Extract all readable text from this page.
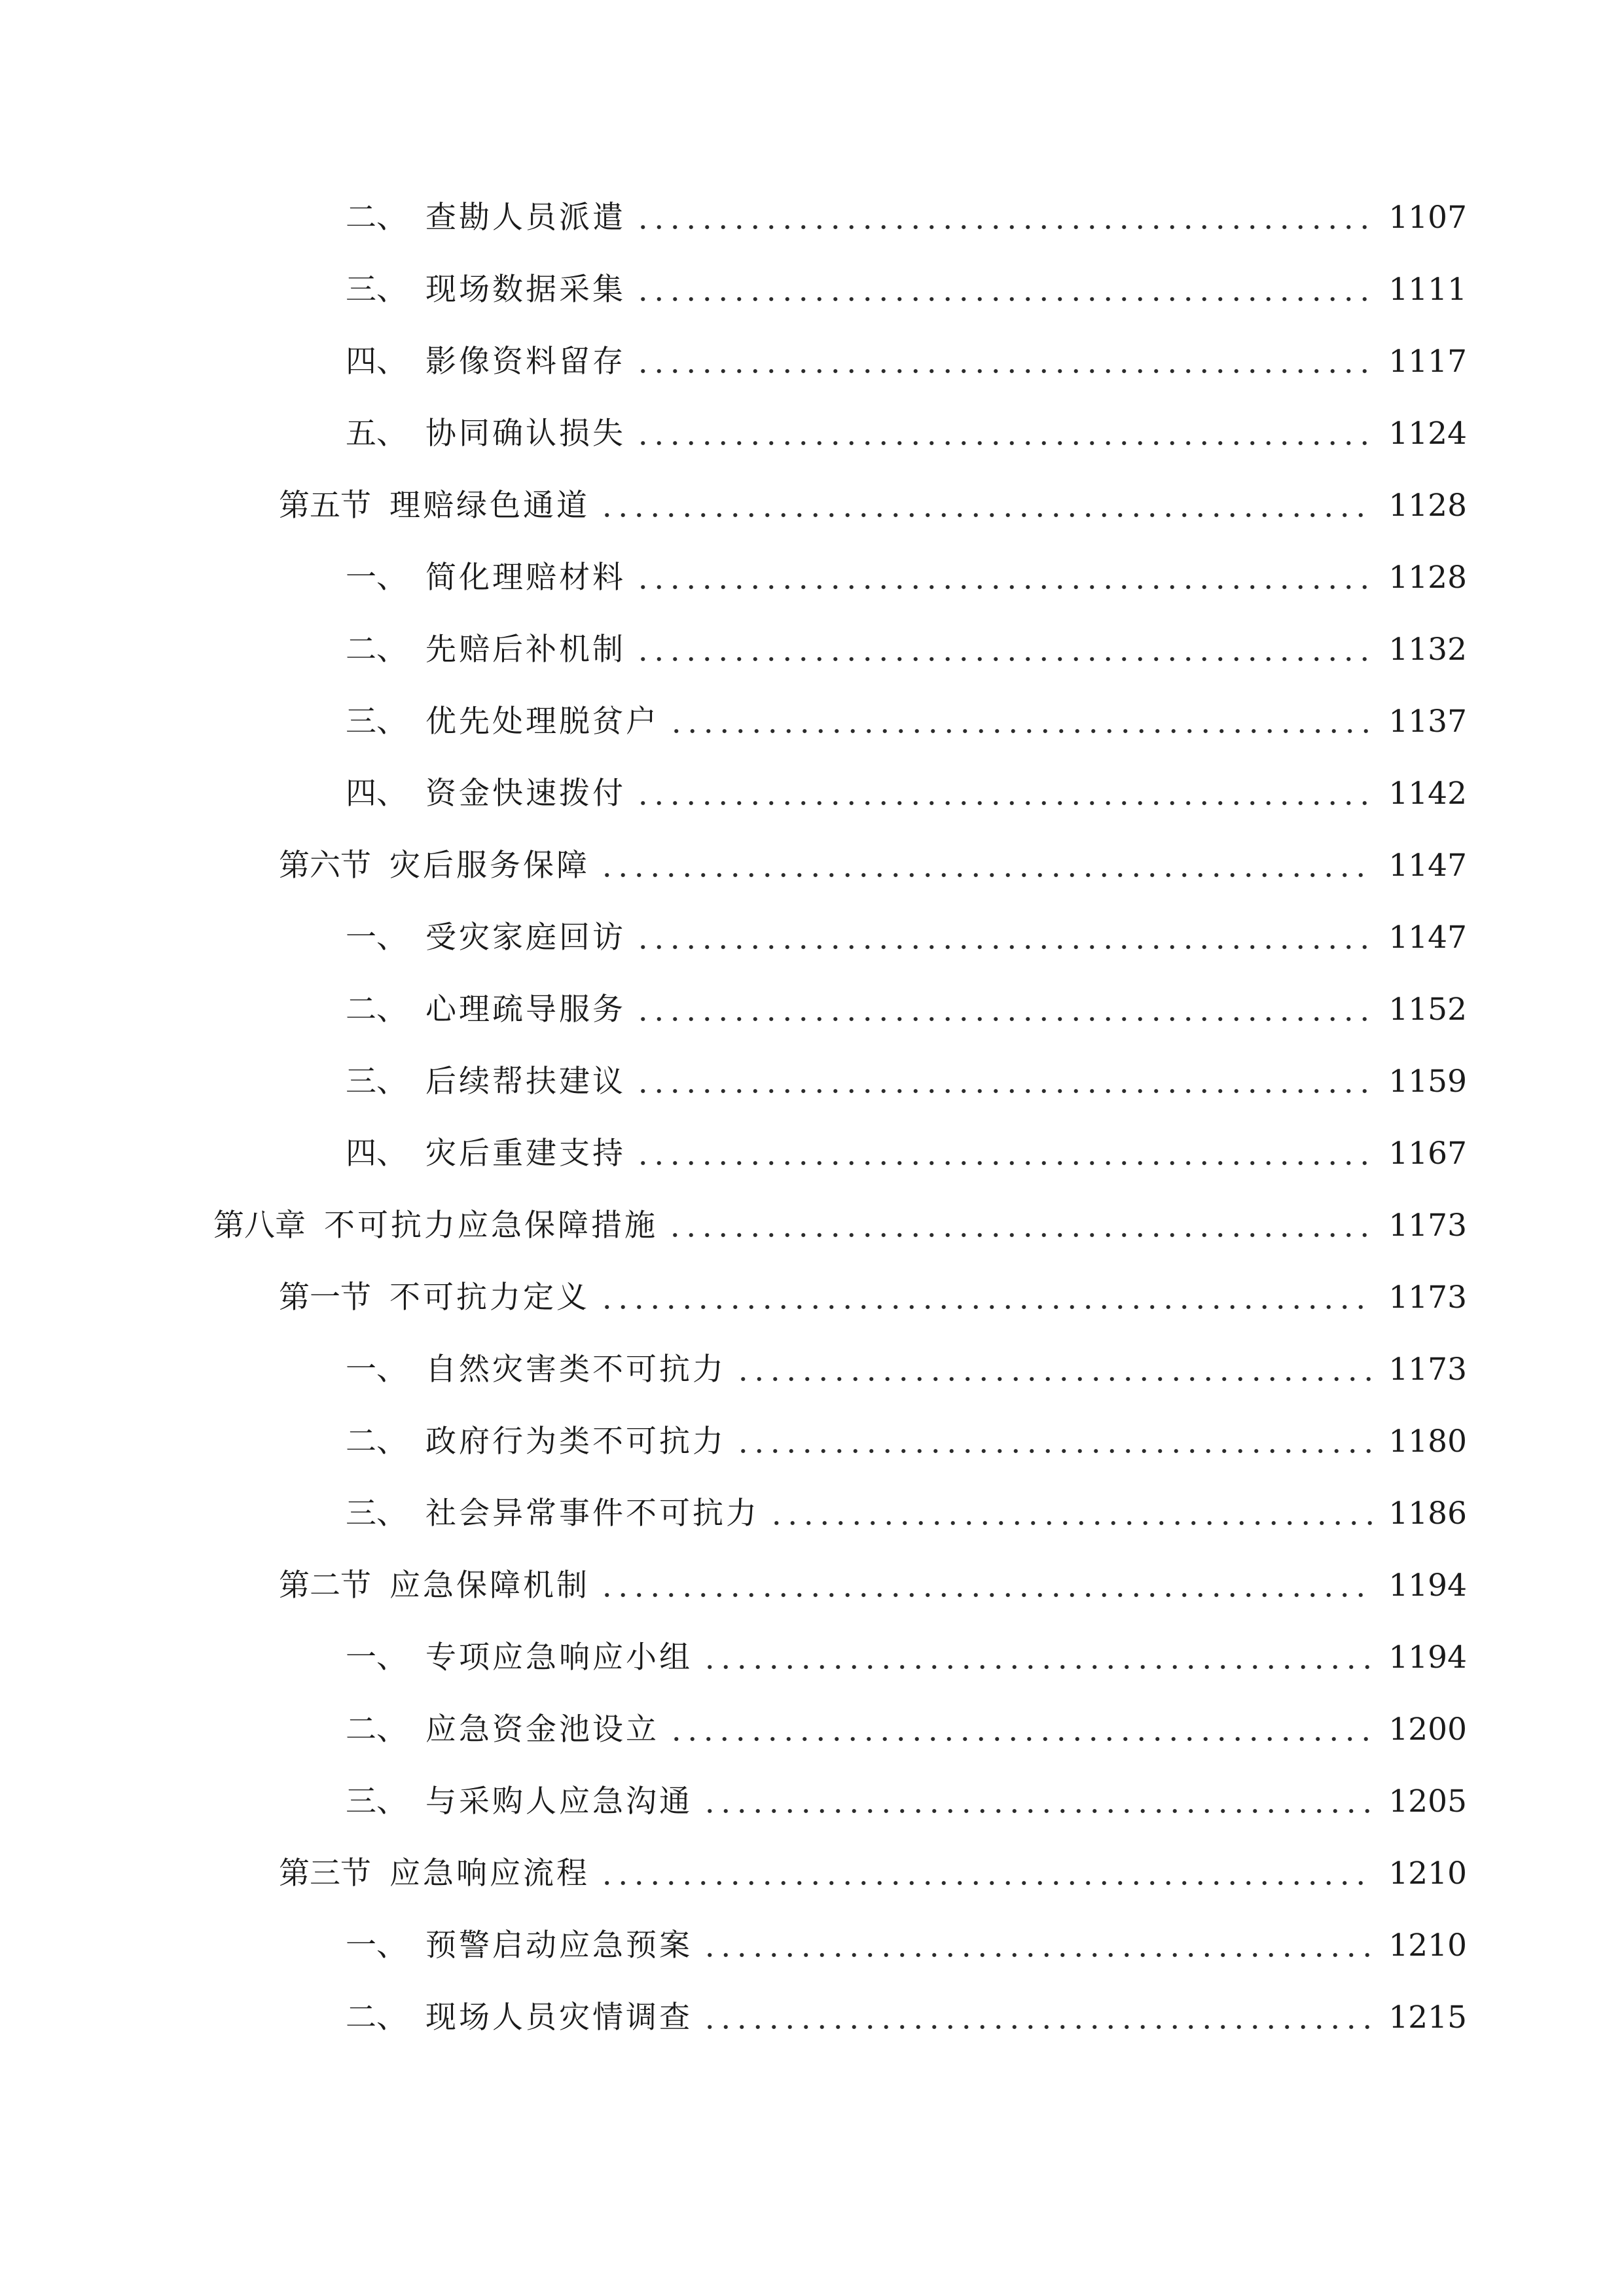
二、 查勘人员派遣	1107
三、 现场数据采集	1111
四、 影像资料留存	1117
五、 协同确认损失	1124
第五节 理赔绿色通道	1128
一、 简化理赔材料	1128
二、 先赔后补机制	1132
三、 优先处理脱贫户	1137
四、 资金快速拨付	1142
第六节 灾后服务保障	1147
一、 受灾家庭回访	1147
二、 心理疏导服务	1152
三、 后续帮扶建议	1159
四、 灾后重建支持	1167
第八章 不可抗力应急保障措施	1173
第一节 不可抗力定义	1173
一、 自然灾害类不可抗力	1173
二、 政府行为类不可抗力	1180
三、 社会异常事件不可抗力	1186
第二节 应急保障机制	1194
一、 专项应急响应小组	1194
二、 应急资金池设立	1200
三、 与采购人应急沟通	1205
第三节 应急响应流程	1210
一、 预警启动应急预案	1210
二、 现场人员灾情调查	1215
